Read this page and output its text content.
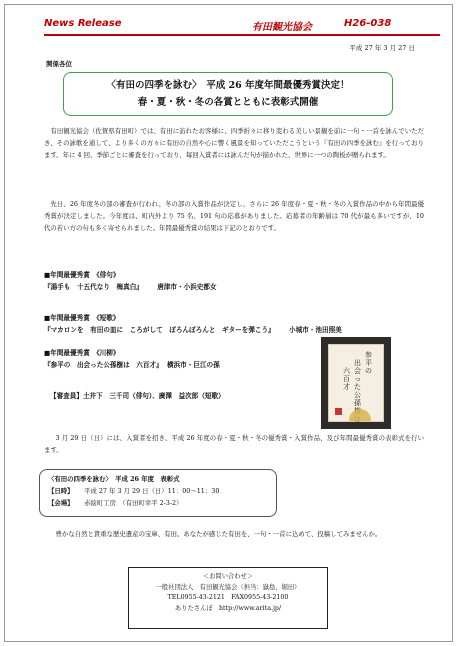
News Release	有田観光協会	H26-038
平成 27 年 3 月 27 日
関係各位
〈有田の四季を詠む〉　平成 26 年度年間最優秀賞決定！
春・夏・秋・冬の各賞とともに表彰式開催
有田観光協会（佐賀県有田町）では、有田に訪れたお客様に、四季折々に移り変わる美しい景観を前に一句・一首を詠んでいただき、その詠歌を通して、より多くの方々に有田の自然や心に響く風景を知っていただこうという『有田の四季を詠む』を行っております。年に 4 回、季節ごとに審査を行っており、毎回入賞者には詠んだ句が描かれた、世界に一つの陶板が贈られます。
先日、26 年度冬の部の審査が行われ、冬の部の入賞作品が決定し、さらに 26 年度春・夏・秋・冬の入賞作品の中から年間最優秀賞が決定しました。今年度は、町内外より 75 名、191 句の応募がありました。応募者の年齢層は 70 代が最も多いですが、10 代の若い方の句も多く寄せられました。年間最優秀賞の結果は下記のとおりです。
■年間最優秀賞　《俳句》
『湯手も　十五代なり　梅真白』 唐津市・小浜史都女
■年間最優秀賞　《短歌》
『マカロンを　有田の皿に　ころがして　ぽろんぽろんと　ギターを弾こう』 小城市・池田照美
■年間最優秀賞　《川柳》
『参平の　出会った公孫樹は　六百才』 横浜市・巨江の孫
【審査員】土井下　三千司（俳句）、廣澤　益次郎（短歌）
参平の
出会った公孫
六百才
3 月 29 日（日）には、入賞者を招き、平成 26 年度の春・夏・秋・冬の優秀賞・入賞作品、及び年間最優秀賞の表彰式を行います。
〈有田の四季を詠む〉　平成 26 年度　表彰式
【日時】 平成 27 年 3 月 29 日（日）11：00～11：30
【会場】 赤絵町工房　（有田町幸平 2-3-2）
豊かな自然と貴重な歴史遺産の宝庫、有田。あなたが感じた有田を、一句・一首に込めて、投稿してみませんか。
＜お問い合わせ＞
一般社団法人　有田観光協会（担当：嶽島、堀田）
TEL0955-43-2121　FAX0955-43-2100
ありたさんぽ　http://www.arita.jp/
